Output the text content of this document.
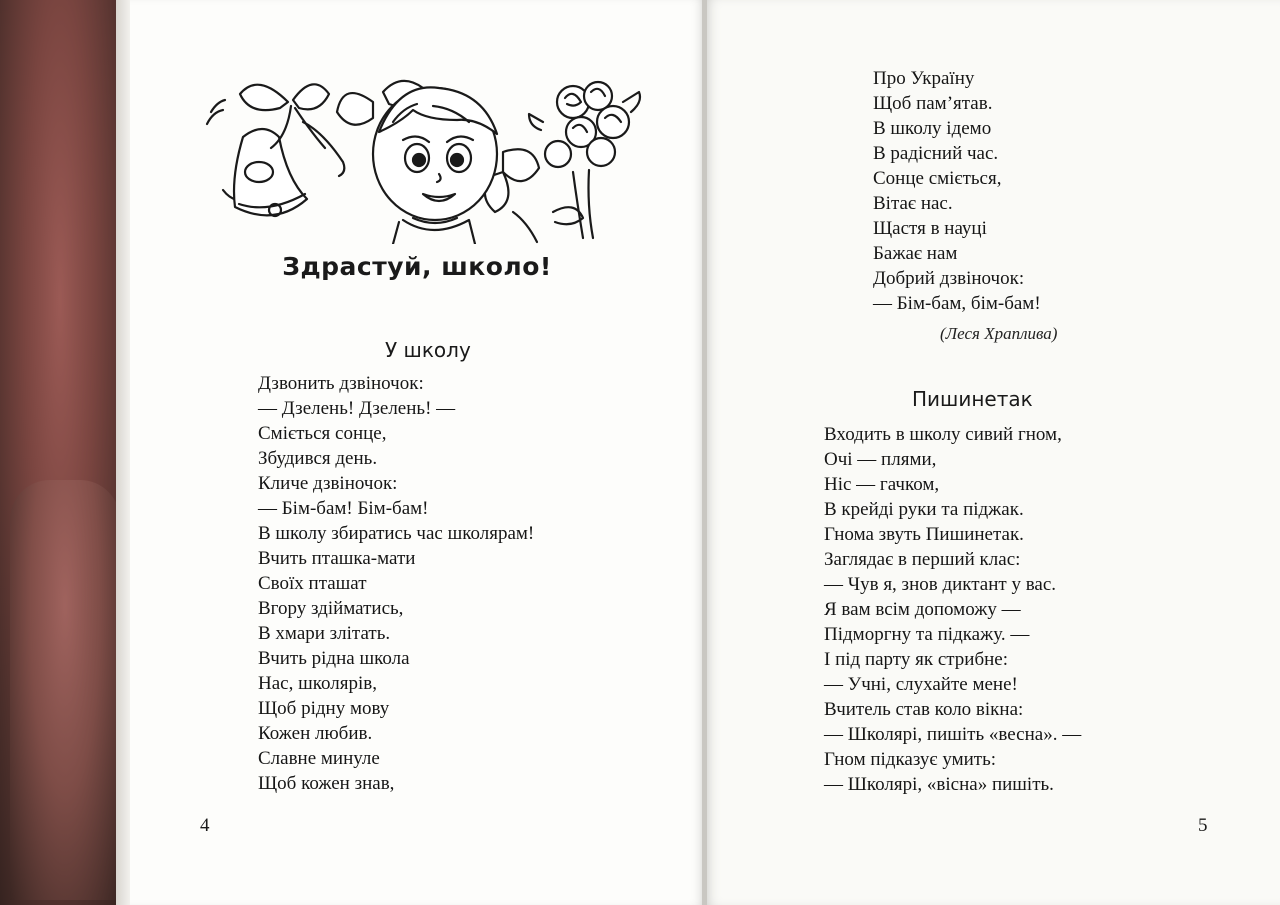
Здрастуй, школо!
У школу
Дзвонить дзвіночок:
— Дзелень! Дзелень! —
Сміється сонце,
Збудився день.
Кличе дзвіночок:
— Бім-бам! Бім-бам!
В школу збиратись час школярам!
Вчить пташка-мати
Своїх пташат
Вгору здійматись,
В хмари злітать.
Вчить рідна школа
Нас, школярів,
Щоб рідну мову
Кожен любив.
Славне минуле
Щоб кожен знав,
4
Про Україну
Щоб пам’ятав.
В школу ідемо
В радісний час.
Сонце сміється,
Вітає нас.
Щастя в науці
Бажає нам
Добрий дзвіночок:
— Бім-бам, бім-бам!
(Леся Храплива)
Пишинетак
Входить в школу сивий гном,
Очі — плями,
Ніс — гачком,
В крейді руки та піджак.
Гнома звуть Пишинетак.
Заглядає в перший клас:
— Чув я, знов диктант у вас.
Я вам всім допоможу —
Підморгну та підкажу. —
І під парту як стрибне:
— Учні, слухайте мене!
Вчитель став коло вікна:
— Школярі, пишіть «весна». —
Гном підказує умить:
— Школярі, «вісна» пишіть.
5
